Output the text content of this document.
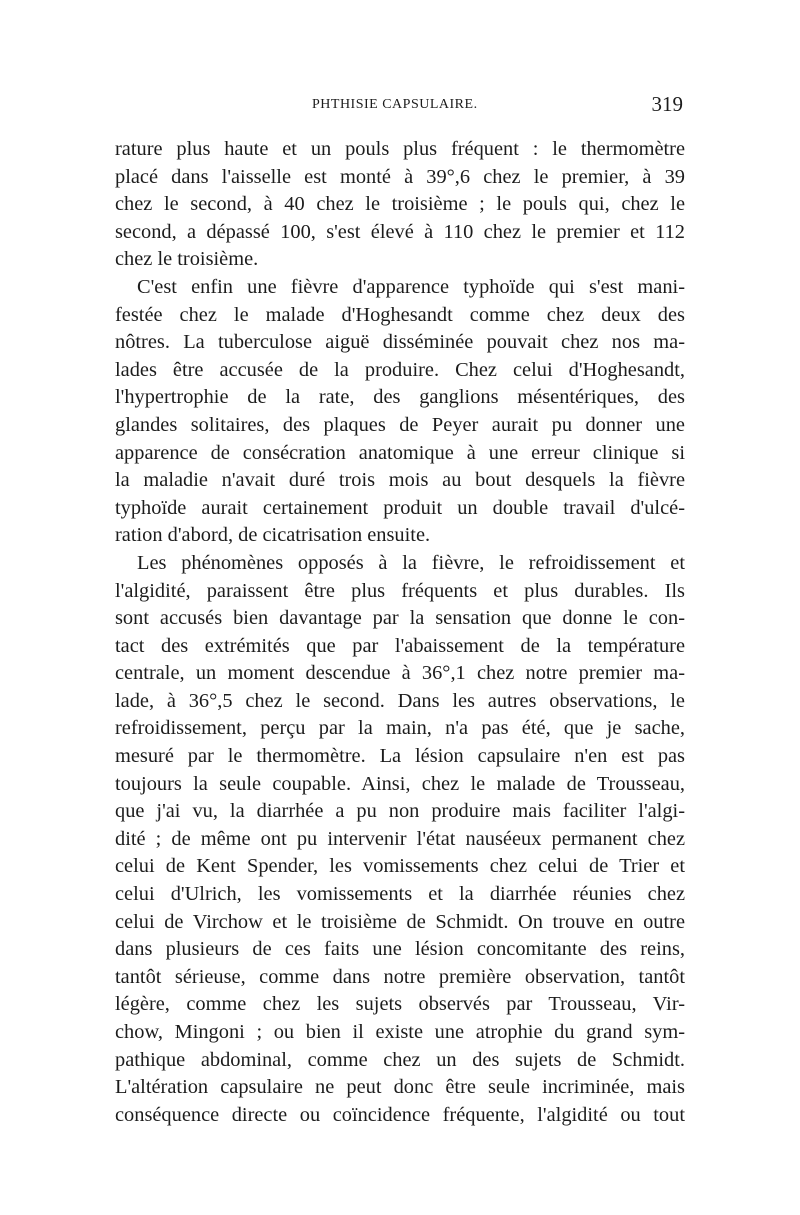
PHTHISIE CAPSULAIRE.	319

rature plus haute et un pouls plus fréquent : le thermomètre
placé dans l'aisselle est monté à 39°,6 chez le premier, à 39
chez le second, à 40 chez le troisième ; le pouls qui, chez le
second, a dépassé 100, s'est élevé à 110 chez le premier et 112
chez le troisième.

C'est enfin une fièvre d'apparence typhoïde qui s'est mani-
festée chez le malade d'Hoghesandt comme chez deux des
nôtres. La tuberculose aiguë disséminée pouvait chez nos ma-
lades être accusée de la produire. Chez celui d'Hoghesandt,
l'hypertrophie de la rate, des ganglions mésentériques, des
glandes solitaires, des plaques de Peyer aurait pu donner une
apparence de consécration anatomique à une erreur clinique si
la maladie n'avait duré trois mois au bout desquels la fièvre
typhoïde aurait certainement produit un double travail d'ulcé-
ration d'abord, de cicatrisation ensuite.

Les phénomènes opposés à la fièvre, le refroidissement et
l'algidité, paraissent être plus fréquents et plus durables. Ils
sont accusés bien davantage par la sensation que donne le con-
tact des extrémités que par l'abaissement de la température
centrale, un moment descendue à 36°,1 chez notre premier ma-
lade, à 36°,5 chez le second. Dans les autres observations, le
refroidissement, perçu par la main, n'a pas été, que je sache,
mesuré par le thermomètre. La lésion capsulaire n'en est pas
toujours la seule coupable. Ainsi, chez le malade de Trousseau,
que j'ai vu, la diarrhée a pu non produire mais faciliter l'algi-
dité ; de même ont pu intervenir l'état nauséeux permanent chez
celui de Kent Spender, les vomissements chez celui de Trier et
celui d'Ulrich, les vomissements et la diarrhée réunies chez
celui de Virchow et le troisième de Schmidt. On trouve en outre
dans plusieurs de ces faits une lésion concomitante des reins,
tantôt sérieuse, comme dans notre première observation, tantôt
légère, comme chez les sujets observés par Trousseau, Vir-
chow, Mingoni ; ou bien il existe une atrophie du grand sym-
pathique abdominal, comme chez un des sujets de Schmidt.
L'altération capsulaire ne peut donc être seule incriminée, mais
conséquence directe ou coïncidence fréquente, l'algidité ou tout
